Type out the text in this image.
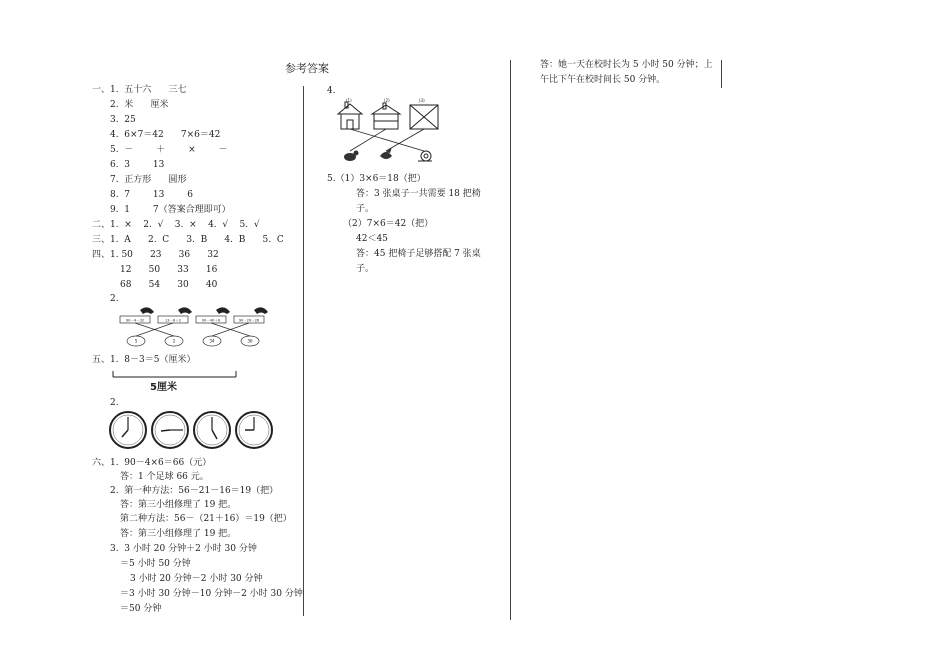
参考答案
一、1.  五十六      三七
2.  米      厘米
3.  25
4.  6×7＝42      7×6＝42
5.  －        ＋        ×        －
6.  3        13
7.  正方形      圆形
8.  7        13        6
9.  1        7（答案合理即可）
二、1.  ×    2.  √    3.  ×    4.  √    5.  √
三、1.  A      2.  C      3.  B      4.  B      5.  C
四、1. 50      23      36      32
12      50      33      16
68      54      30      40
2.
90－4－32	13－8＋2	90－40＋6	90－29－26
5	2	34	36
五、1.  8－3＝5（厘米）
5厘米
2.
六、1.  90－4×6＝66（元）
答：1 个足球 66 元。
2.  第一种方法：56－21－16＝19（把）
答：第三小组修理了 19 把。
第二种方法：56－（21＋16）＝19（把）
答：第三小组修理了 19 把。
3.  3 小时 20 分钟＋2 小时 30 分钟
＝5 小时 50 分钟
3 小时 20 分钟－2 小时 30 分钟
＝3 小时 30 分钟－10 分钟－2 小时 30 分钟
＝50 分钟
4.
(1)	(2)	(3)
5.（1）3×6＝18（把）
答：3 张桌子一共需要 18 把椅
子。
（2）7×6＝42（把）
42＜45
答：45 把椅子足够搭配 7 张桌
子。
答：她一天在校时长为 5 小时 50 分钟；上
午比下午在校时间长 50 分钟。
